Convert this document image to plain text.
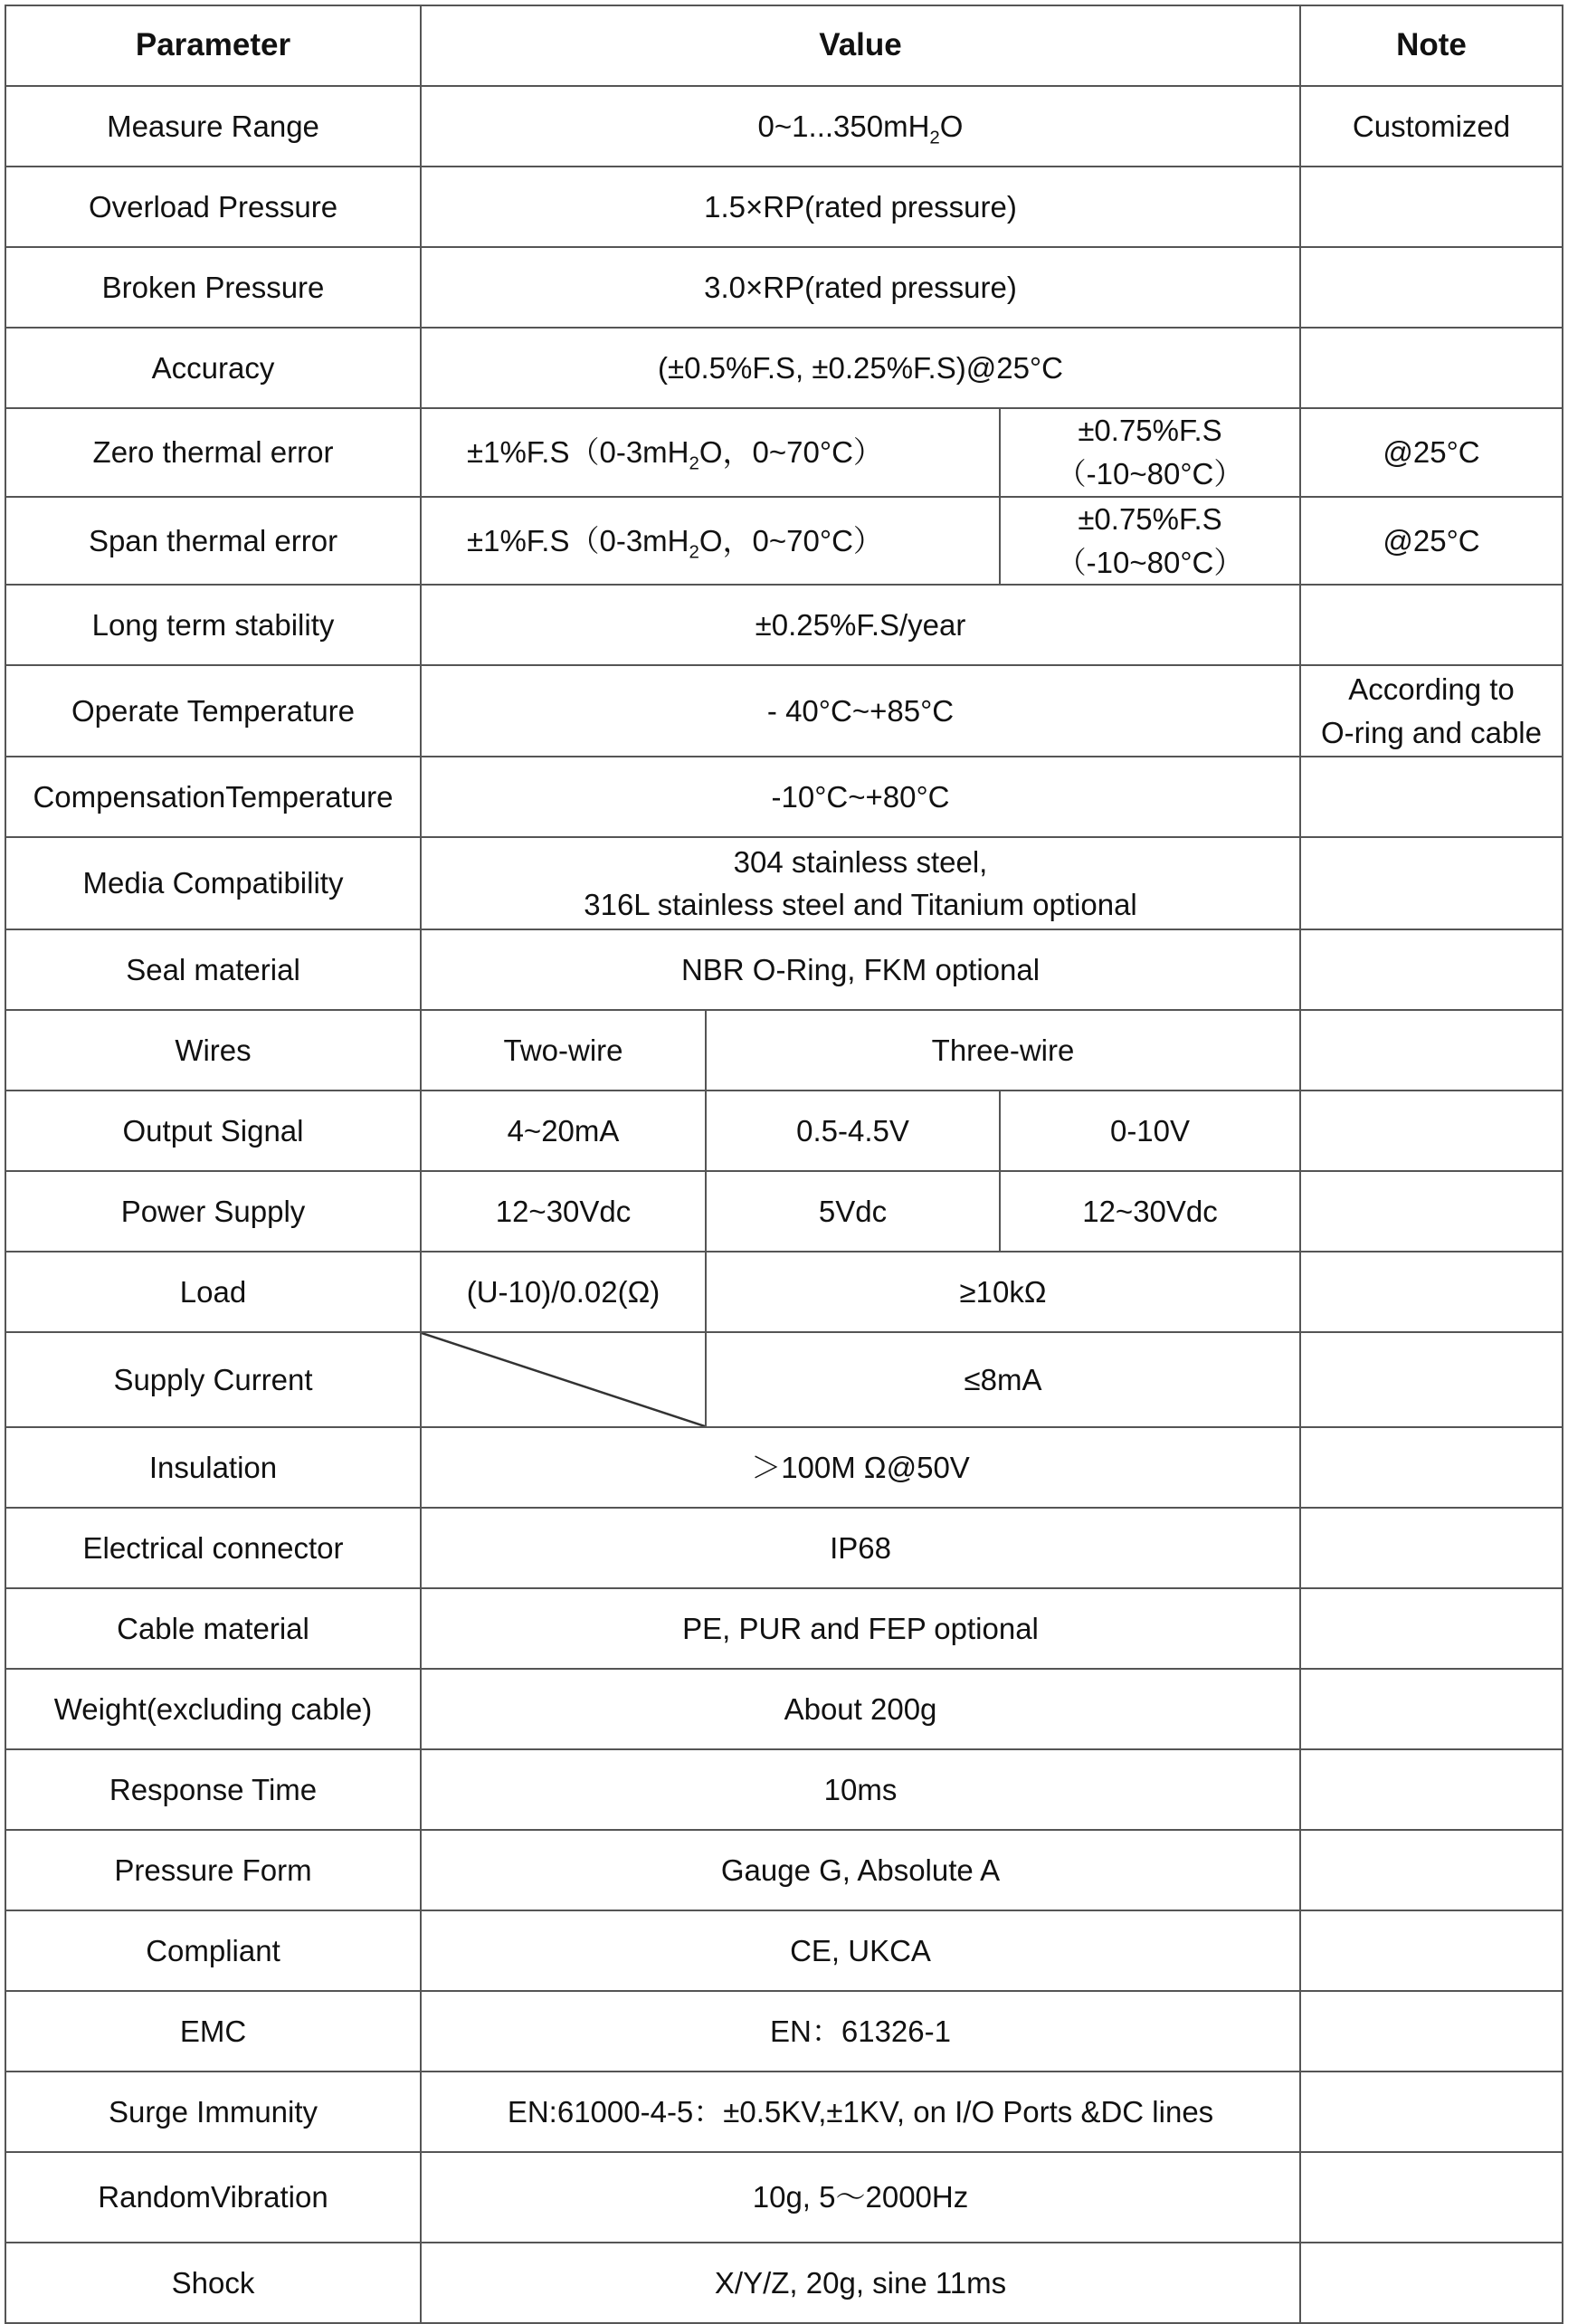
Parameter	Value			Note
Measure Range	$0\sim 1...350mH_2O$			Customized
Overload Pressure	1.5×RP(rated pressure)			
Broken Pressure	3.0×RP(rated pressure)			
Accuracy	(±0.5%F.S, ±0.25%F.S)@25°C			
Zero thermal error	$\pm 1\%F.S(0-3mH_2O$，0~70°C）		±0.75%F.S（-10~80°C）	@25°C
Span thermal error	$\pm 1\%F.S(0-3mH_2O$，0~70°C）		±0.75%F.S（-10~80°C）	@25°C
Long term stability	±0.25%F.S/year			
Operate Temperature	- 40°C~+85°C			According to
O-ring and cable

CompensationTemperature	-10°C~+80°C			
Media Compatibility	304 stainless steel,
316L stainless steel and Titanium optional			

Seal material	NBR O-Ring, FKM optional			
Wires	Two-wire	Three-wire		
Output Signal	4~20mA	0.5-4.5V	0-10V	
Power Supply	12~30Vdc	5Vdc	12~30Vdc	
Load	(U-10)/0.02(Ω)	≥10kΩ		
Supply Current		≤8mA		
Insulation	＞100M Ω@50V			
Electrical connector	IP68			
Cable material	PE, PUR and FEP optional			
Weight(excluding cable)	About 200g			
Response Time	10ms			
Pressure Form	Gauge G, Absolute A			
Compliant	CE, UKCA			
EMC	EN：61326-1			
Surge Immunity	EN:61000-4-5：±0.5KV,±1KV, on I/O Ports &DC lines			
RandomVibration	10g, 5～2000Hz			
Shock	X/Y/Z, 20g, sine 11ms			
